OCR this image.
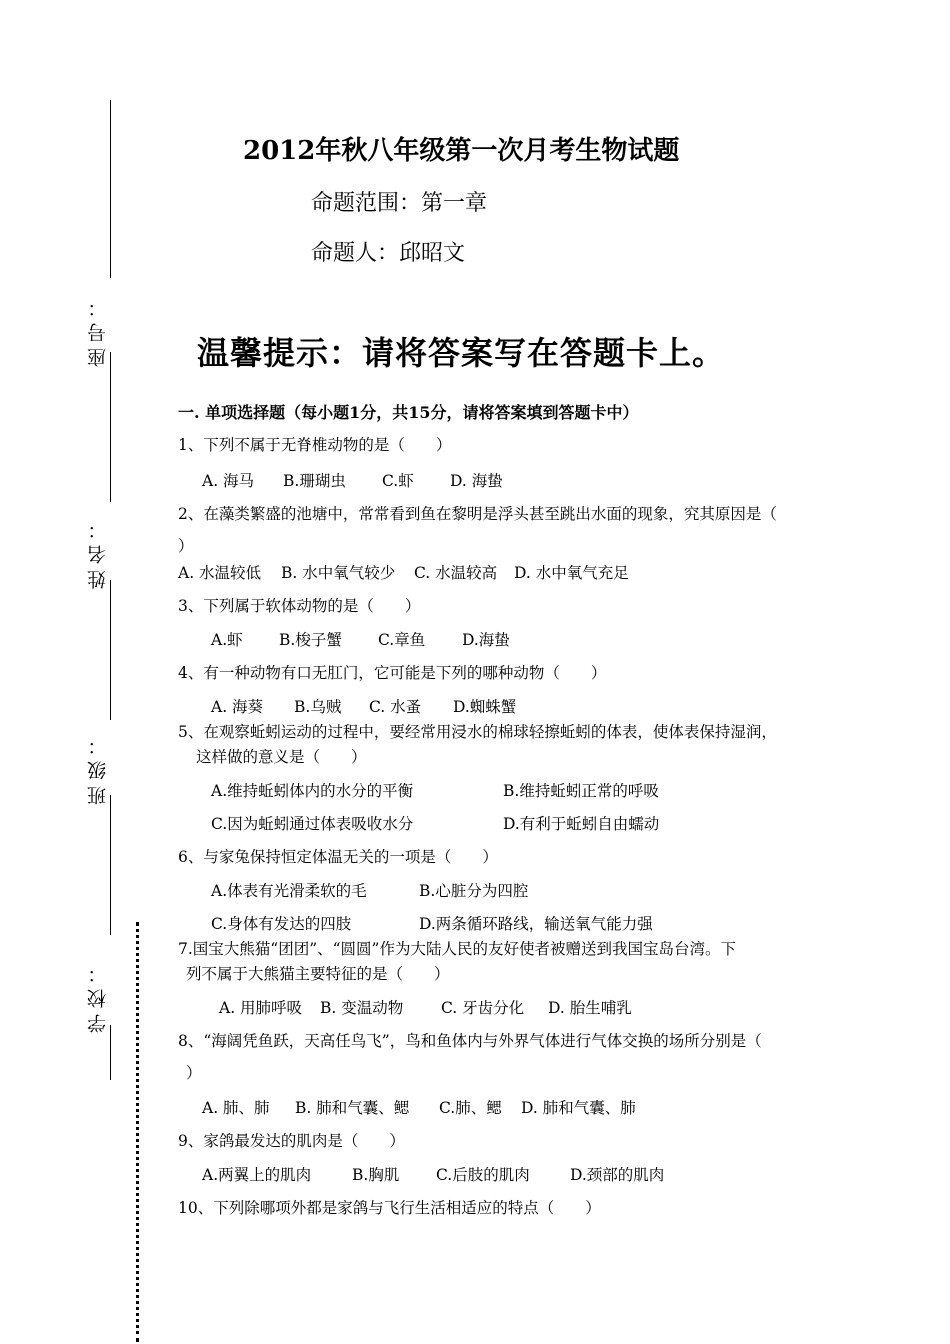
座号：
姓名：
班级：
学校：
2012年秋八年级第一次月考生物试题
命题范围：第一章
命题人：邱昭文
温馨提示：请将答案写在答题卡上。
一. 单项选择题（每小题1分，共15分，请将答案填到答题卡中）
1、下列不属于无脊椎动物的是（　　）
A. 海马 B.珊瑚虫 C.虾 D. 海蛰
2、在藻类繁盛的池塘中，常常看到鱼在黎明是浮头甚至跳出水面的现象，究其原因是（
）
A. 水温较低 B. 水中氧气较少 C. 水温较高 D. 水中氧气充足
3、下列属于软体动物的是（　　）
A.虾 B.梭子蟹 C.章鱼 D.海蛰
4、有一种动物有口无肛门，它可能是下列的哪种动物（　　）
A. 海葵 B.乌贼 C. 水蚤 D.蜘蛛蟹
5、在观察蚯蚓运动的过程中，要经常用浸水的棉球轻擦蚯蚓的体表，使体表保持湿润，
这样做的意义是（　　）
A.维持蚯蚓体内的水分的平衡	B.维持蚯蚓正常的呼吸
C.因为蚯蚓通过体表吸收水分	D.有利于蚯蚓自由蠕动
6、与家兔保持恒定体温无关的一项是（　　）
A.体表有光滑柔软的毛	B.心脏分为四腔
C.身体有发达的四肢	D.两条循环路线，输送氧气能力强
7.国宝大熊猫“团团”、“圆圆”作为大陆人民的友好使者被赠送到我国宝岛台湾。下
列不属于大熊猫主要特征的是（　　）
A. 用肺呼吸 B. 变温动物 C. 牙齿分化 D. 胎生哺乳
8、“海阔凭鱼跃，天高任鸟飞”，鸟和鱼体内与外界气体进行气体交换的场所分别是（
）
A. 肺、肺 B. 肺和气囊、鳃 C.肺、鳃 D. 肺和气囊、肺
9、家鸽最发达的肌肉是（　　）
A.两翼上的肌肉	B.胸肌 C.后肢的肌肉	D.颈部的肌肉
10、下列除哪项外都是家鸽与飞行生活相适应的特点（　　）
